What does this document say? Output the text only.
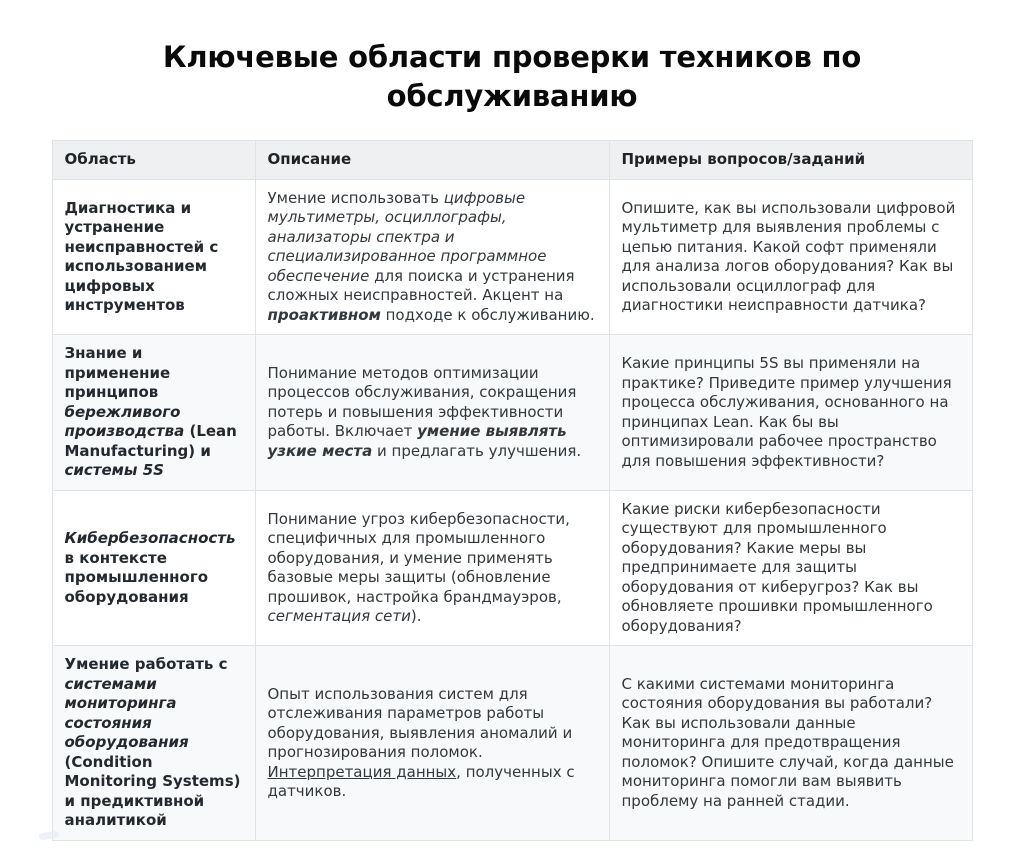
Ключевые области проверки техников по обслуживанию
Область	Описание	Примеры вопросов/заданий
Диагностика и устранение неисправностей с использованием цифровых инструментов	Умение использовать цифровые мультиметры, осциллографы, анализаторы спектра и специализированное программное обеспечение для поиска и устранения сложных неисправностей. Акцент на проактивном подходе к обслуживанию.	Опишите, как вы использовали цифровой мультиметр для выявления проблемы с цепью питания. Какой софт применяли для анализа логов оборудования? Как вы использовали осциллограф для диагностики неисправности датчика?
Знание и применение принципов бережливого производства (Lean Manufacturing) и системы 5S	Понимание методов оптимизации процессов обслуживания, сокращения потерь и повышения эффективности работы. Включает умение выявлять узкие места и предлагать улучшения.	Какие принципы 5S вы применяли на практике? Приведите пример улучшения процесса обслуживания, основанного на принципах Lean. Как бы вы оптимизировали рабочее пространство для повышения эффективности?
Кибербезопасность в контексте промышленного оборудования	Понимание угроз кибербезопасности, специфичных для промышленного оборудования, и умение применять базовые меры защиты (обновление прошивок, настройка брандмауэров, сегментация сети).	Какие риски кибербезопасности существуют для промышленного оборудования? Какие меры вы предпринимаете для защиты оборудования от киберугроз? Как вы обновляете прошивки промышленного оборудования?
Умение работать с системами мониторинга состояния оборудования (Condition Monitoring Systems) и предиктивной аналитикой	Опыт использования систем для отслеживания параметров работы оборудования, выявления аномалий и прогнозирования поломок. Интерпретация данных, полученных с датчиков.	С какими системами мониторинга состояния оборудования вы работали? Как вы использовали данные мониторинга для предотвращения поломок? Опишите случай, когда данные мониторинга помогли вам выявить проблему на ранней стадии.
